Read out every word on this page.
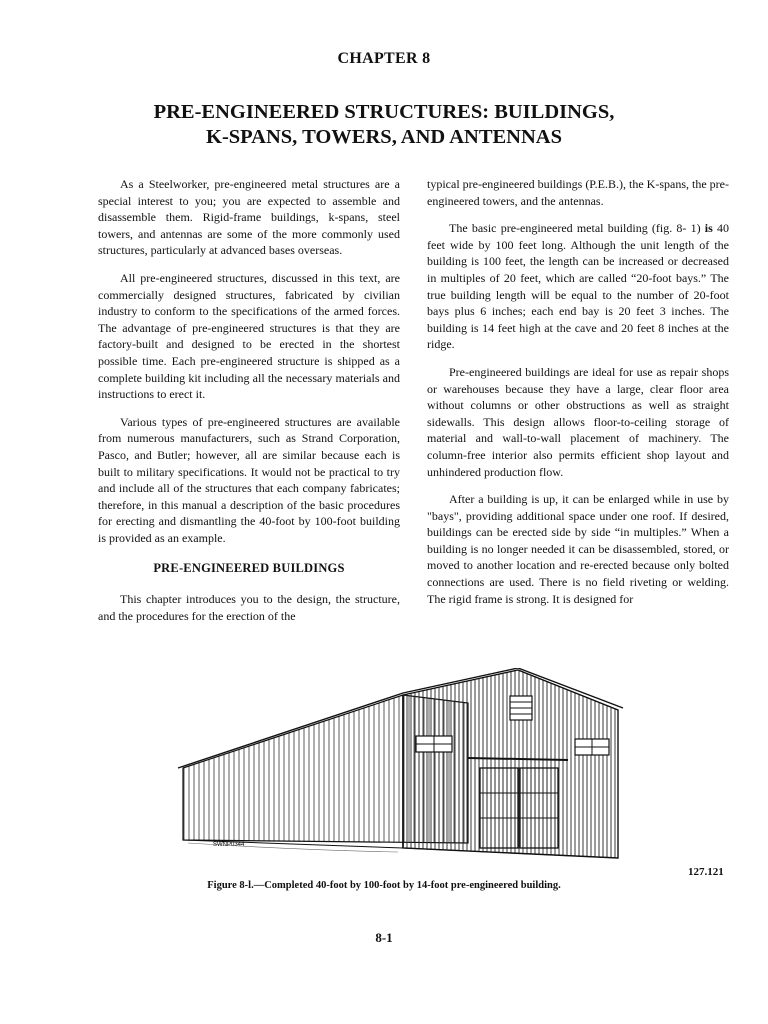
CHAPTER 8
PRE-ENGINEERED STRUCTURES: BUILDINGS,
K-SPANS, TOWERS, AND ANTENNAS

As a Steelworker, pre-engineered metal structures are a special interest to you; you are expected to assemble and disassemble them. Rigid-frame buildings, k-spans, steel towers, and antennas are some of the more commonly used structures, particularly at advanced bases overseas.

All pre-engineered structures, discussed in this text, are commercially designed structures, fabricated by civilian industry to conform to the specifications of the armed forces. The advantage of pre-engineered structures is that they are factory-built and designed to be erected in the shortest possible time. Each pre-engineered structure is shipped as a complete building kit including all the necessary materials and instructions to erect it.

Various types of pre-engineered structures are available from numerous manufacturers, such as Strand Corporation, Pasco, and Butler; however, all are similar because each is built to military specifications. It would not be practical to try and include all of the structures that each company fabricates; therefore, in this manual a description of the basic procedures for erecting and dismantling the 40-foot by 100-foot building is provided as an example.

PRE-ENGINEERED BUILDINGS

This chapter introduces you to the design, the structure, and the procedures for the erection of the

typical pre-engineered buildings (P.E.B.), the K-spans, the pre-engineered towers, and the antennas.

The basic pre-engineered metal building (fig. 8- 1) is 40 feet wide by 100 feet long. Although the unit length of the building is 100 feet, the length can be increased or decreased in multiples of 20 feet, which are called “20-foot bays.” The true building length will be equal to the number of 20-foot bays plus 6 inches; each end bay is 20 feet 3 inches. The building is 14 feet high at the cave and 20 feet 8 inches at the ridge.

Pre-engineered buildings are ideal for use as repair shops or warehouses because they have a large, clear floor area without columns or other obstructions as well as straight sidewalls. This design allows floor-to-ceiling storage of material and wall-to-wall placement of machinery. The column-free interior also permits efficient shop layout and unhindered production flow.

After a building is up, it can be enlarged while in use by "bays", providing additional space under one roof. If desired, buildings can be erected side by side “in multiples.” When a building is no longer needed it can be disassembled, stored, or moved to another location and re-erected because only bolted connections are used. There is no field riveting or welding. The rigid frame is strong. It is designed for

SWNP0344
127.121
Figure 8-l.—Completed 40-foot by 100-foot by 14-foot pre-engineered building.
8-1
